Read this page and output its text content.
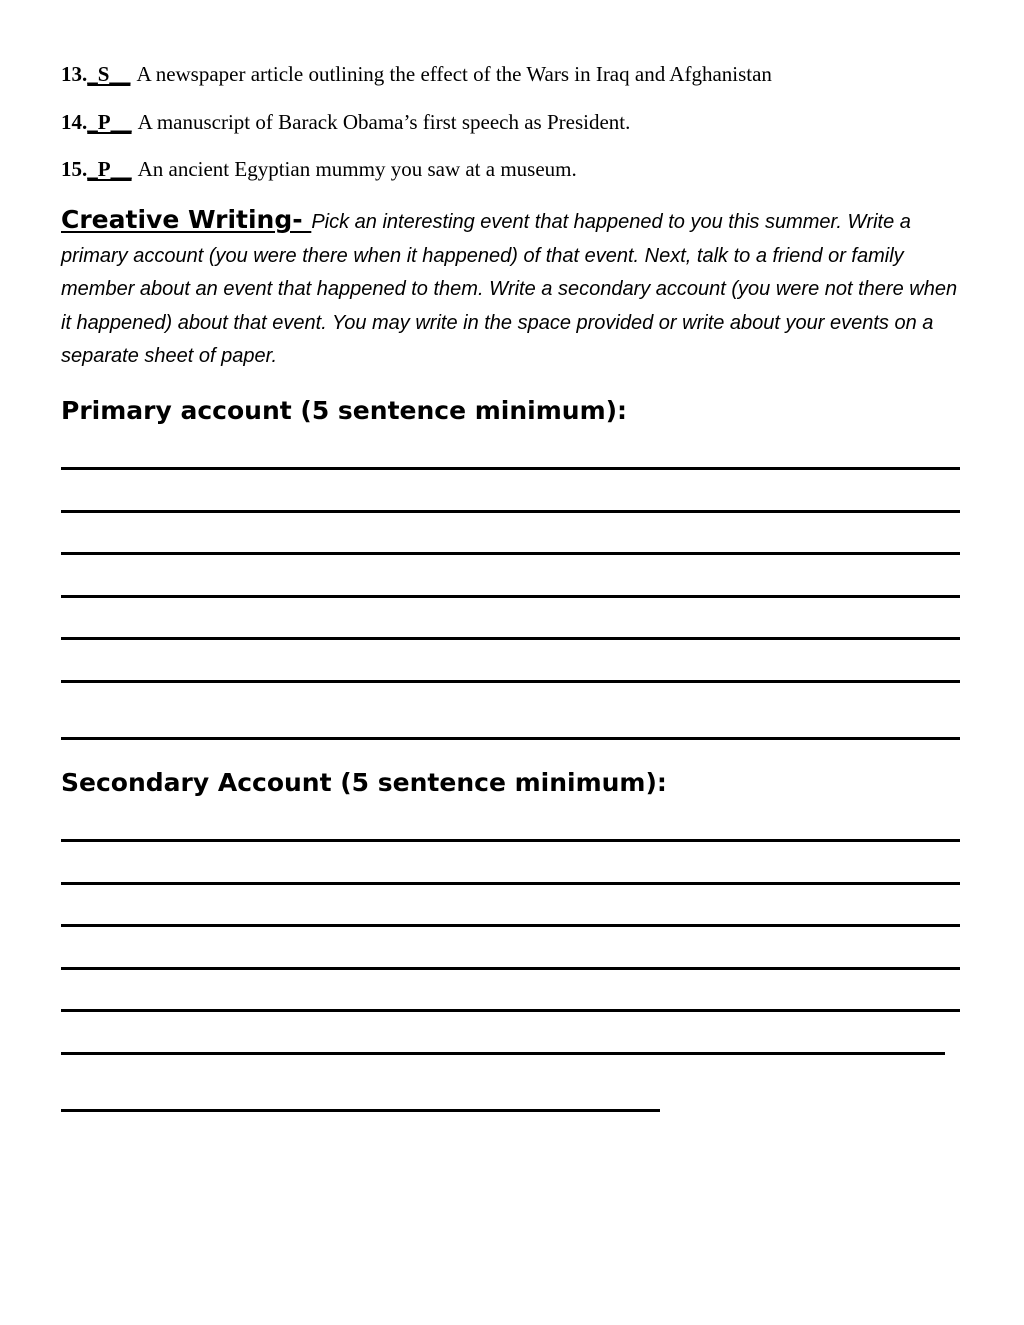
13._S__ A newspaper article outlining the effect of the Wars in Iraq and Afghanistan
14._P__ A manuscript of Barack Obama’s first speech as President.
15._P__ An ancient Egyptian mummy you saw at a museum.
Creative Writing- Pick an interesting event that happened to you this summer. Write a primary account (you were there when it happened) of that event. Next, talk to a friend or family member about an event that happened to them. Write a secondary account (you were not there when it happened) about that event. You may write in the space provided or write about your events on a separate sheet of paper.
Primary account (5 sentence minimum):
Secondary Account (5 sentence minimum):
